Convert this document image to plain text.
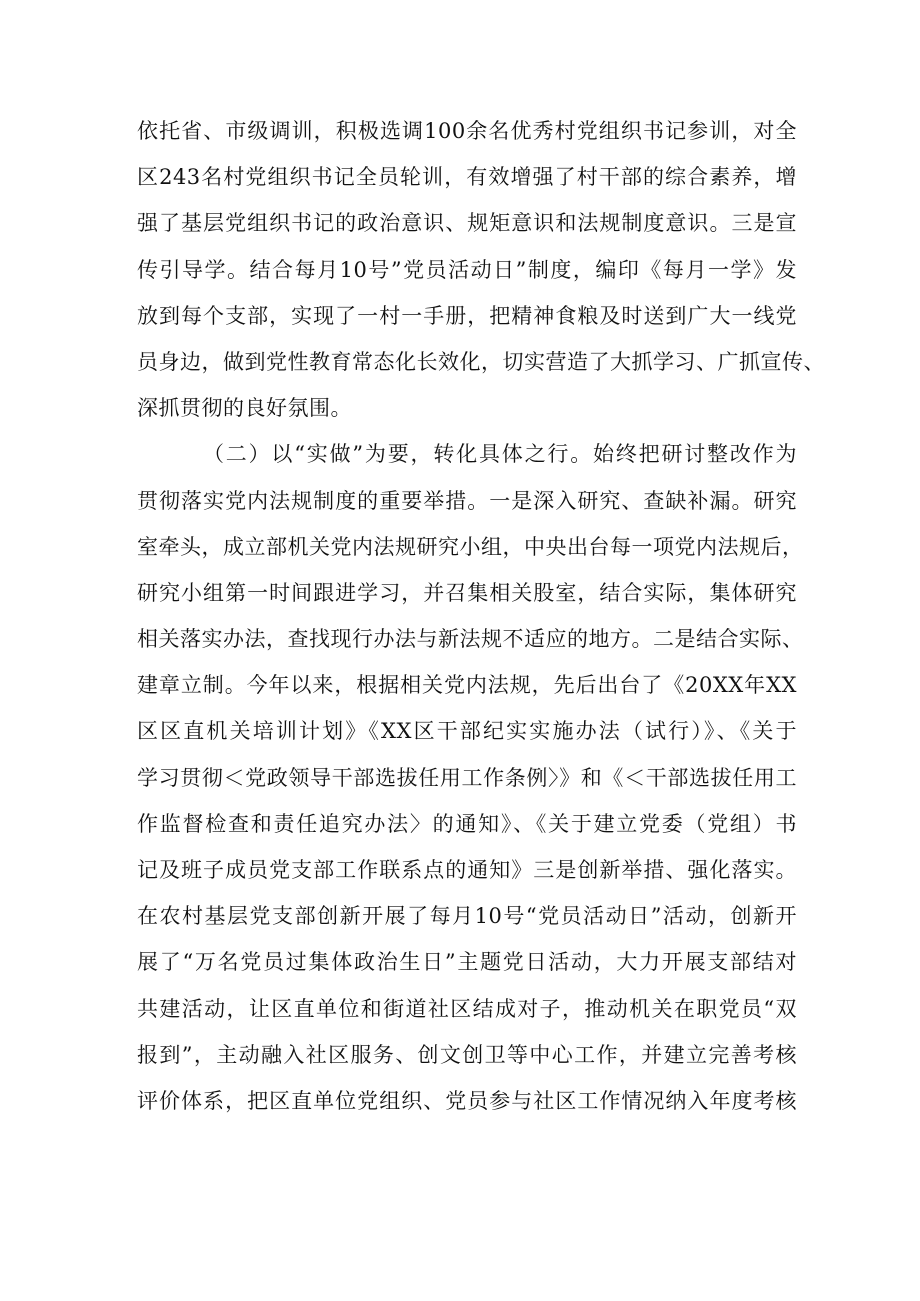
依托省、市级调训，积极选调100余名优秀村党组织书记参训，对全
区243名村党组织书记全员轮训，有效增强了村干部的综合素养，增
强了基层党组织书记的政治意识、规矩意识和法规制度意识。三是宣
传引导学。结合每月10号”党员活动日”制度，编印《每月一学》发
放到每个支部，实现了一村一手册，把精神食粮及时送到广大一线党
员身边，做到党性教育常态化长效化，切实营造了大抓学习、广抓宣传、
深抓贯彻的良好氛围。
（二）以“实做”为要，转化具体之行。始终把研讨整改作为
贯彻落实党内法规制度的重要举措。一是深入研究、查缺补漏。研究
室牵头，成立部机关党内法规研究小组，中央出台每一项党内法规后，
研究小组第一时间跟进学习，并召集相关股室，结合实际，集体研究
相关落实办法，查找现行办法与新法规不适应的地方。二是结合实际、
建章立制。今年以来，根据相关党内法规，先后出台了《20XX年XX
区区直机关培训计划》《XX区干部纪实实施办法（试行）》、《关于
学习贯彻＜党政领导干部选拔任用工作条例〉》和《＜干部选拔任用工
作监督检查和责任追究办法〉的通知》、《关于建立党委（党组）书
记及班子成员党支部工作联系点的通知》三是创新举措、强化落实。
在农村基层党支部创新开展了每月10号“党员活动日”活动，创新开
展了“万名党员过集体政治生日”主题党日活动，大力开展支部结对
共建活动，让区直单位和街道社区结成对子，推动机关在职党员“双
报到”，主动融入社区服务、创文创卫等中心工作，并建立完善考核
评价体系，把区直单位党组织、党员参与社区工作情况纳入年度考核
